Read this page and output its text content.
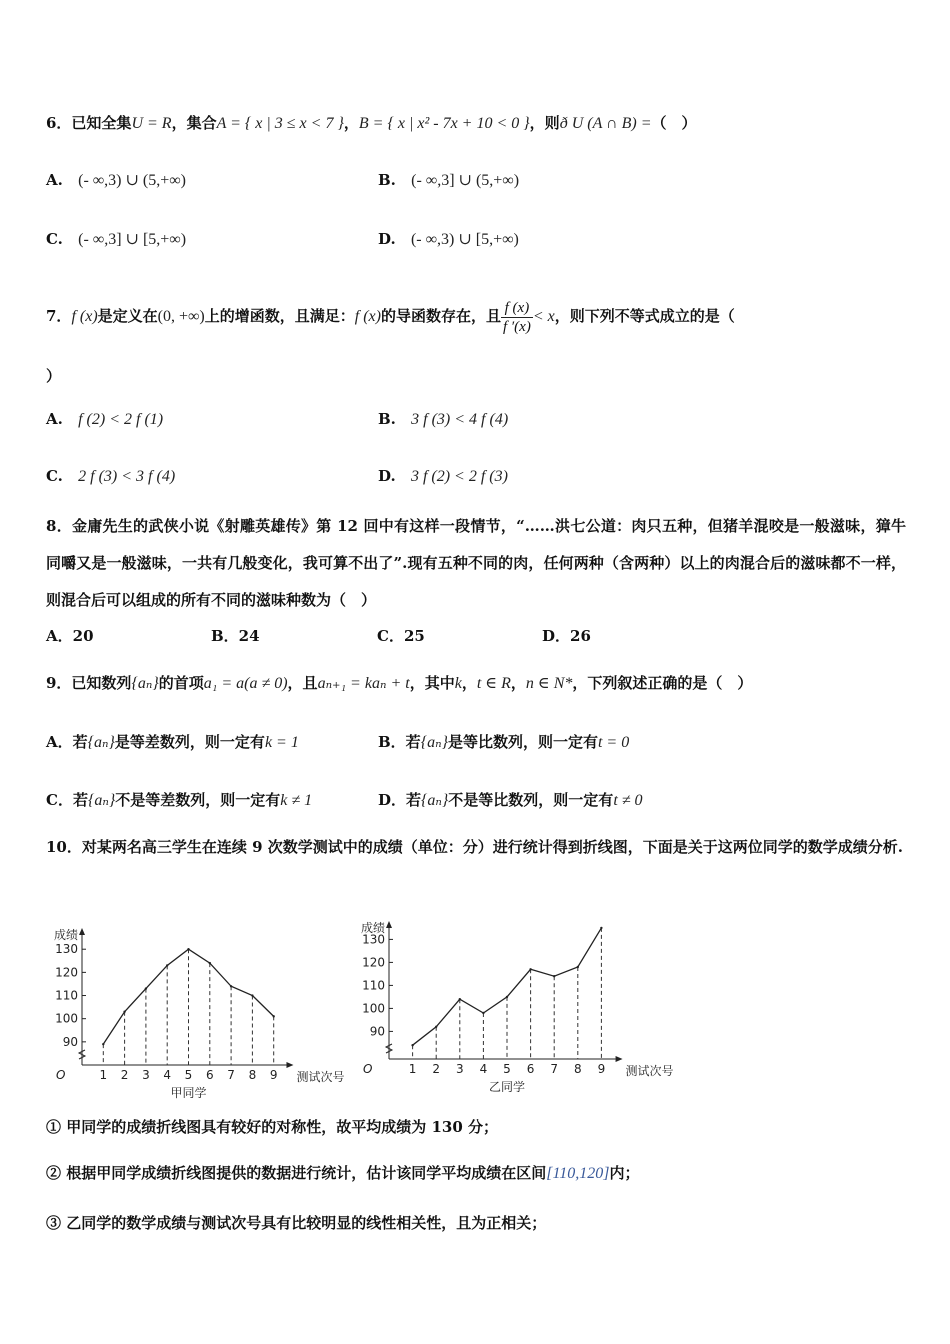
6．已知全集U = R，集合A = { x | 3 ≤ x < 7 }，B = { x | x² - 7x + 10 < 0 }，则ð U (A ∩ B) =（　）
A. (- ∞,3) ∪ (5,+∞)	B. (- ∞,3] ∪ (5,+∞)
C. (- ∞,3] ∪ [5,+∞)	D. (- ∞,3) ∪ [5,+∞)
7．f (x)是定义在(0, +∞)上的增函数，且满足：f (x)的导函数存在，且 $\frac{f (x)}{f '(x)} < x$，则下列不等式成立的是（
）
A. f (2) < 2 f (1)	B. 3 f (3) < 4 f (4)
C. 2 f (3) < 3 f (4)	D. 3 f (2) < 2 f (3)
8．金庸先生的武侠小说《射雕英雄传》第 12 回中有这样一段情节，“……洪七公道：肉只五种，但猪羊混咬是一般滋味，獐牛同嚼又是一般滋味，一共有几般变化，我可算不出了”.现有五种不同的肉，任何两种（含两种）以上的肉混合后的滋味都不一样，则混合后可以组成的所有不同的滋味种数为（　）
A．20	B．24	C．25	D．26
9．已知数列{aₙ}的首项a₁ = a(a ≠ 0)，且aₙ₊₁ = kaₙ + t，其中k，t ∈ R，n ∈ N*，下列叙述正确的是（　）
A．若{aₙ}是等差数列，则一定有k = 1	B．若{aₙ}是等比数列，则一定有t = 0
C．若{aₙ}不是等差数列，则一定有k ≠ 1	D．若{aₙ}不是等比数列，则一定有t ≠ 0
10．对某两名高三学生在连续 9 次数学测试中的成绩（单位：分）进行统计得到折线图，下面是关于这两位同学的数学成绩分析.
成绩
O
90
100
110
120
130
1 2 3 4 5 6 7 8 9 测试次号
甲同学
成绩
O
90
100
110
120
130
1 2 3 4 5 6 7 8 9 测试次号
乙同学
① 甲同学的成绩折线图具有较好的对称性，故平均成绩为 130 分；
② 根据甲同学成绩折线图提供的数据进行统计，估计该同学平均成绩在区间[110,120]内；
③ 乙同学的数学成绩与测试次号具有比较明显的线性相关性，且为正相关；
